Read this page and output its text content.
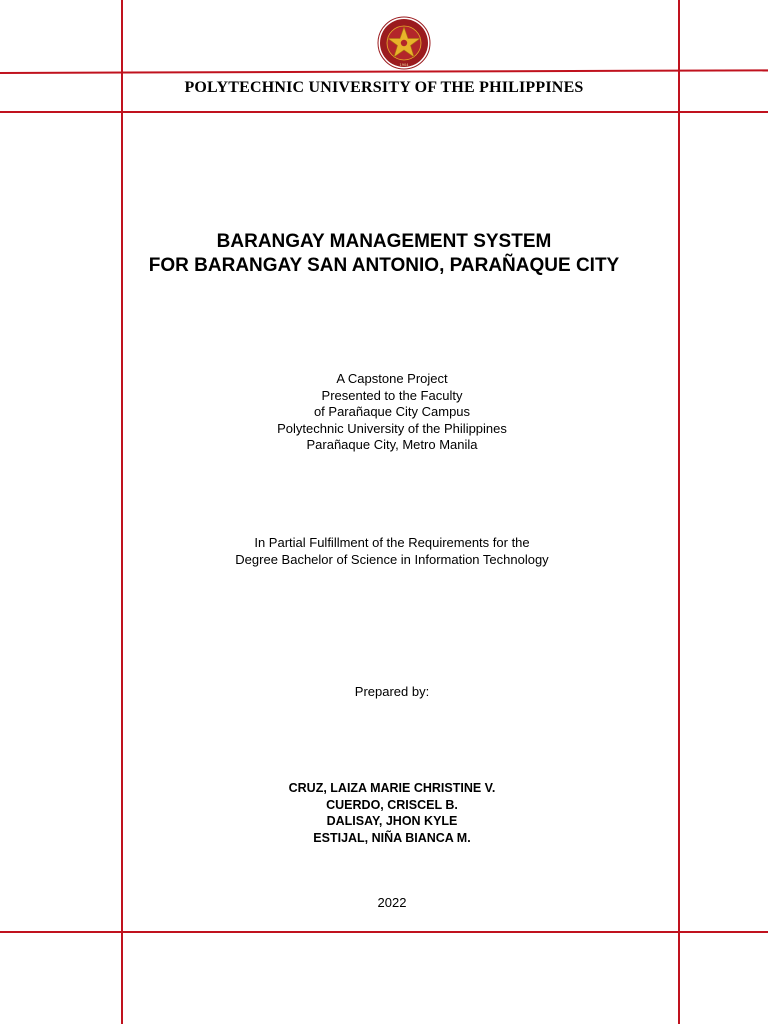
1904
POLYTECHNIC UNIVERSITY OF THE PHILIPPINES
BARANGAY MANAGEMENT SYSTEM
FOR BARANGAY SAN ANTONIO, PARAÑAQUE CITY
A Capstone Project
Presented to the Faculty
of Parañaque City Campus
Polytechnic University of the Philippines
Parañaque City, Metro Manila
In Partial Fulfillment of the Requirements for the
Degree Bachelor of Science in Information Technology
Prepared by:
CRUZ, LAIZA MARIE CHRISTINE V.
CUERDO, CRISCEL B.
DALISAY, JHON KYLE
ESTIJAL, NIÑA BIANCA M.
2022
